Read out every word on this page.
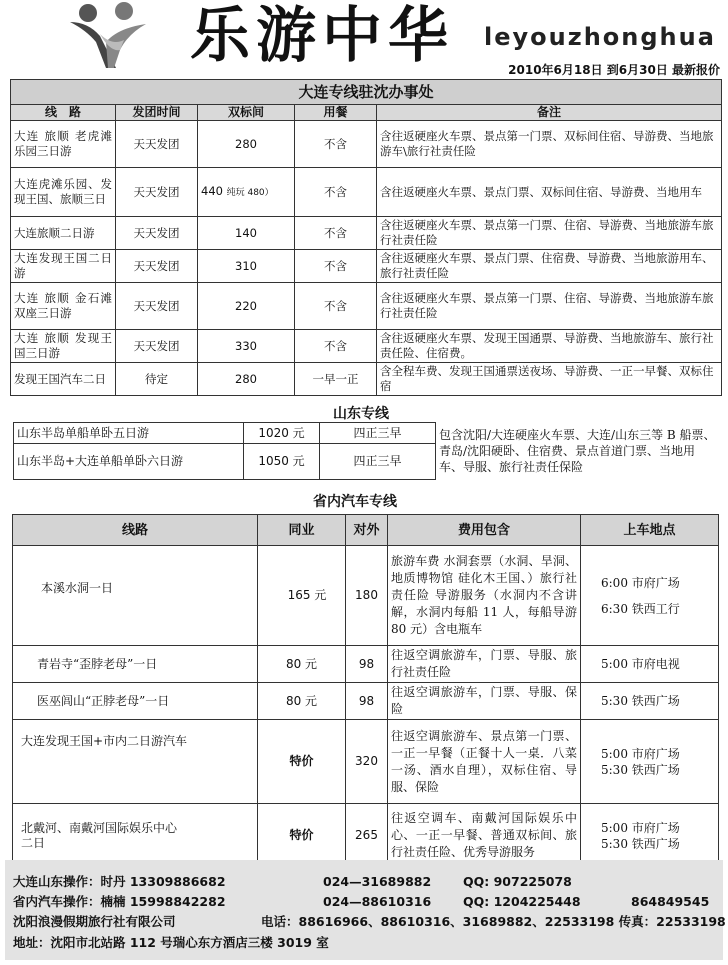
乐游中华 leyouzhonghua
2010年6月18日 到6月30日 最新报价
大连专线驻沈办事处				
线　路	发团时间	双标间	用餐	备注
大连 旅顺 老虎滩乐园三日游	天天发团	280	不含	含往返硬座火车票、景点第一门票、双标间住宿、导游费、当地旅游车\旅行社责任险
大连虎滩乐园、发现王国、旅顺三日	天天发团	440 纯玩 480）	不含	含往返硬座火车票、景点门票、双标间住宿、导游费、当地用车
大连旅顺二日游	天天发团	140	不含	含往返硬座火车票、景点第一门票、住宿、导游费、当地旅游车旅行社责任险
大连发现王国二日游	天天发团	310	不含	含往返硬座火车票、景点门票、住宿费、导游费、当地旅游用车、旅行社责任险
大连 旅顺 金石滩双座三日游	天天发团	220	不含	含往返硬座火车票、景点第一门票、住宿、导游费、当地旅游车旅行社责任险
大连 旅顺 发现王国三日游	天天发团	330	不含	含往返硬座火车票、发现王国通票、导游费、当地旅游车、旅行社责任险、住宿费。
发现王国汽车二日	待定	280	一早一正	含全程车费、发现王国通票送夜场、导游费、一正一早餐、双标住宿
山东专线
山东半岛单船单卧五日游	1020 元	四正三早	包含沈阳/大连硬座火车票、大连/山东三等 B 船票、青岛/沈阳硬卧、住宿费、景点首道门票、当地用车、导服、旅行社责任保险
山东半岛+大连单船单卧六日游	1050 元	四正三早	
省内汽车专线
线路	同业	对外	费用包含	上车地点
本溪水洞一日	165 元	180	旅游车费 水洞套票（水洞、旱洞、地质博物馆 硅化木王国、）旅行社责任险 导游服务（水洞内不含讲解，水洞内每船 11 人，每船导游 80 元）含电瓶车	6:00 市府广场
6:30 铁西工行

青岩寺“歪脖老母”一日	80 元	98	往返空调旅游车，门票、导服、旅行社责任险	5:00 市府电视

医巫闾山“正脖老母”一日	80 元	98	往返空调旅游车，门票、导服、保险	5:30 铁西广场

大连发现王国+市内二日游汽车	特价	320	往返空调旅游车、景点第一门票、一正一早餐（正餐十人一桌．八菜一汤、酒水自理），双标住宿、导服、保险	5:00 市府广场
5:30 铁西广场

北戴河、南戴河国际娱乐中心二日	特价	265	往返空调车、南戴河国际娱乐中心、一正一早餐、普通双标间、旅行社责任险、优秀导游服务	5:00 市府广场
5:30 铁西广场
大连山东操作：时丹 13309886682	024—31689882	QQ: 907225078
省内汽车操作：楠楠 15998842282	024—88610316	QQ: 1204225448	864849545
沈阳浪漫假期旅行社有限公司	电话：88616966、88610316、31689882、22533198 传真：22533198
地址：沈阳市北站路 112 号瑞心东方酒店三楼 3019 室
